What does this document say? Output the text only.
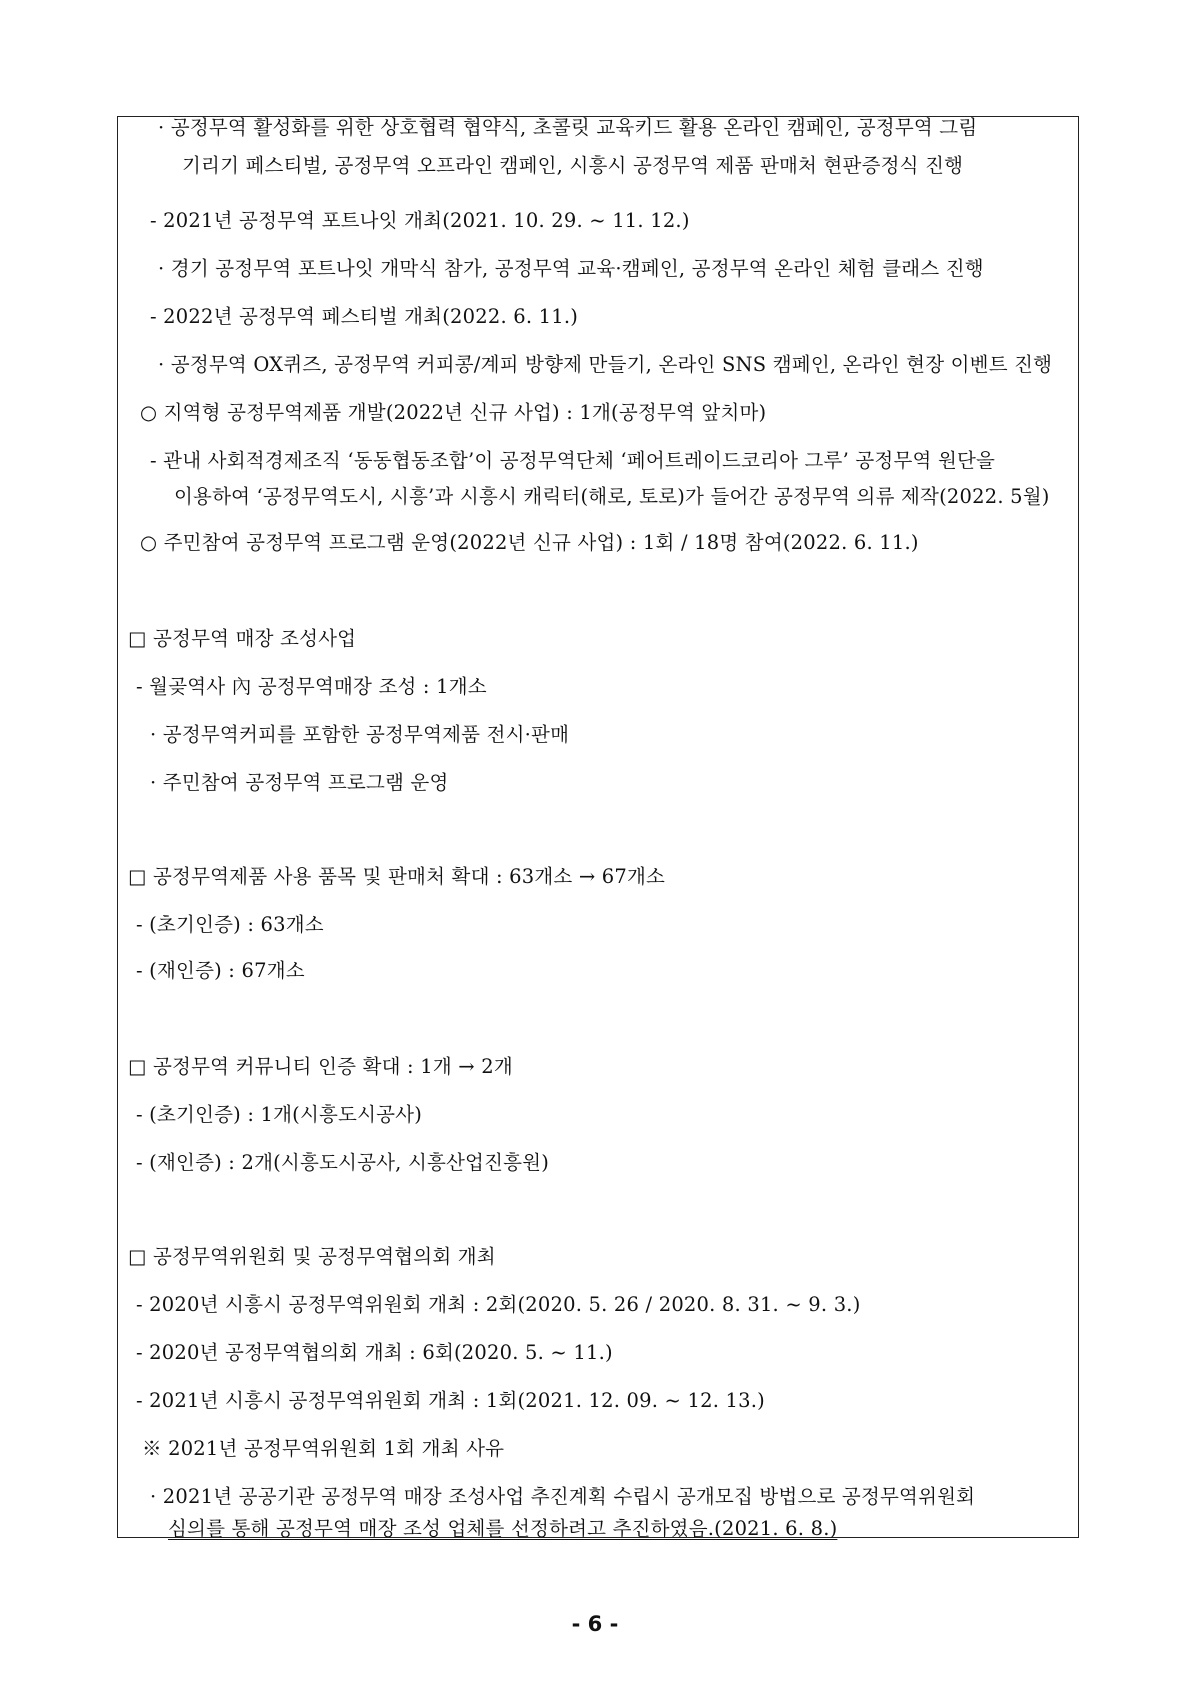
· 공정무역 활성화를 위한 상호협력 협약식, 초콜릿 교육키드 활용 온라인 캠페인, 공정무역 그림
기리기 페스티벌, 공정무역 오프라인 캠페인, 시흥시 공정무역 제품 판매처 현판증정식 진행
- 2021년 공정무역 포트나잇 개최(2021. 10. 29. ~ 11. 12.)
· 경기 공정무역 포트나잇 개막식 참가, 공정무역 교육·캠페인, 공정무역 온라인 체험 클래스 진행
- 2022년 공정무역 페스티벌 개최(2022. 6. 11.)
· 공정무역 OX퀴즈, 공정무역 커피콩/계피 방향제 만들기, 온라인 SNS 캠페인, 온라인 현장 이벤트 진행
○ 지역형 공정무역제품 개발(2022년 신규 사업) : 1개(공정무역 앞치마)
- 관내 사회적경제조직 ‘동동협동조합’이 공정무역단체 ‘페어트레이드코리아 그루’ 공정무역 원단을
이용하여 ‘공정무역도시, 시흥’과 시흥시 캐릭터(해로, 토로)가 들어간 공정무역 의류 제작(2022. 5월)
○ 주민참여 공정무역 프로그램 운영(2022년 신규 사업) : 1회 / 18명 참여(2022. 6. 11.)
□ 공정무역 매장 조성사업
- 월곶역사 內 공정무역매장 조성 : 1개소
· 공정무역커피를 포함한 공정무역제품 전시·판매
· 주민참여 공정무역 프로그램 운영
□ 공정무역제품 사용 품목 및 판매처 확대 : 63개소 → 67개소
- (초기인증) : 63개소
- (재인증) : 67개소
□ 공정무역 커뮤니티 인증 확대 : 1개 → 2개
- (초기인증) : 1개(시흥도시공사)
- (재인증) : 2개(시흥도시공사, 시흥산업진흥원)
□ 공정무역위원회 및 공정무역협의회 개최
- 2020년 시흥시 공정무역위원회 개최 : 2회(2020. 5. 26 / 2020. 8. 31. ~ 9. 3.)
- 2020년 공정무역협의회 개최 : 6회(2020. 5. ~ 11.)
- 2021년 시흥시 공정무역위원회 개최 : 1회(2021. 12. 09. ~ 12. 13.)
※ 2021년 공정무역위원회 1회 개최 사유
· 2021년 공공기관 공정무역 매장 조성사업 추진계획 수립시 공개모집 방법으로 공정무역위원회
심의를 통해 공정무역 매장 조성 업체를 선정하려고 추진하였음.(2021. 6. 8.)
- 6 -
